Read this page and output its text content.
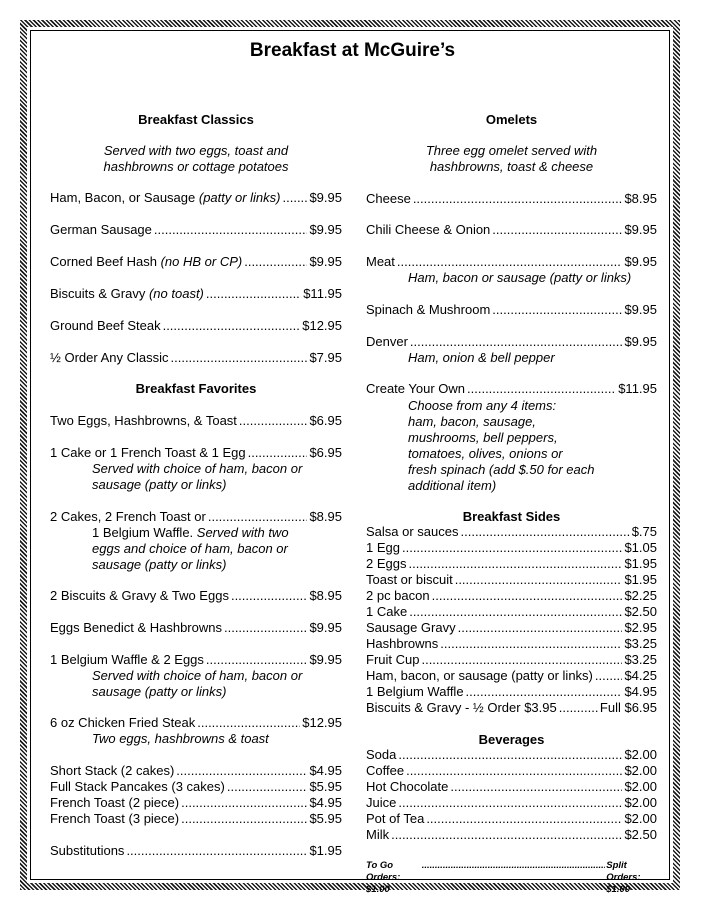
Breakfast at McGuire’s
Breakfast Classics
Served with two eggs, toast and
hashbrowns or cottage potatoes
Ham, Bacon, or Sausage (patty or links) ..... $9.95
German Sausage .....	$9.95
Corned Beef Hash (no HB or CP) .....	$9.95
Biscuits & Gravy (no toast) .....	$11.95
Ground Beef Steak .....	$12.95
½ Order Any Classic .....	$7.95
Breakfast Favorites
Two Eggs, Hashbrowns, & Toast .....	$6.95
1 Cake or 1 French Toast & 1 Egg .....	$6.95
Served with choice of ham, bacon or
sausage (patty or links)
2 Cakes, 2 French Toast or .....	$8.95
1 Belgium Waffle. Served with two
eggs and choice of ham, bacon or
sausage (patty or links)
2 Biscuits & Gravy & Two Eggs .....	$8.95
Eggs Benedict & Hashbrowns .....	$9.95
1 Belgium Waffle & 2 Eggs .....	$9.95
Served with choice of ham, bacon or
sausage (patty or links)
6 oz Chicken Fried Steak .....	$12.95
Two eggs, hashbrowns & toast
Short Stack (2 cakes) .....	$4.95
Full Stack Pancakes (3 cakes) .....	$5.95
French Toast (2 piece) .....	$4.95
French Toast (3 piece) .....	$5.95
Substitutions .....	$1.95
Omelets
Three egg omelet served with
hashbrowns, toast & cheese
Cheese .....	$8.95
Chili Cheese & Onion .....	$9.95
Meat .....	$9.95
Ham, bacon or sausage (patty or links)
Spinach & Mushroom .....	$9.95
Denver .....	$9.95
Ham, onion & bell pepper
Create Your Own .....	$11.95
Choose from any 4 items:
ham, bacon, sausage,
mushrooms, bell peppers,
tomatoes, olives, onions or
fresh spinach (add $.50 for each
additional item)
Breakfast Sides
Salsa or sauces .....	$.75
1 Egg .....	$1.05
2 Eggs .....	$1.95
Toast or biscuit .....	$1.95
2 pc bacon .....	$2.25
1 Cake .....	$2.50
Sausage Gravy .....	$2.95
Hashbrowns .....	$3.25
Fruit Cup .....	$3.25
Ham, bacon, or sausage (patty or links) ..... $4.25
1 Belgium Waffle .....	$4.95
Biscuits & Gravy - ½ Order $3.95 .....	Full $6.95
Beverages
Soda .....	$2.00
Coffee .....	$2.00
Hot Chocolate .....	$2.00
Juice .....	$2.00
Pot of Tea .....	$2.00
Milk .....	$2.50
To Go Orders: $1.00
.....
Split Orders: $1.00
